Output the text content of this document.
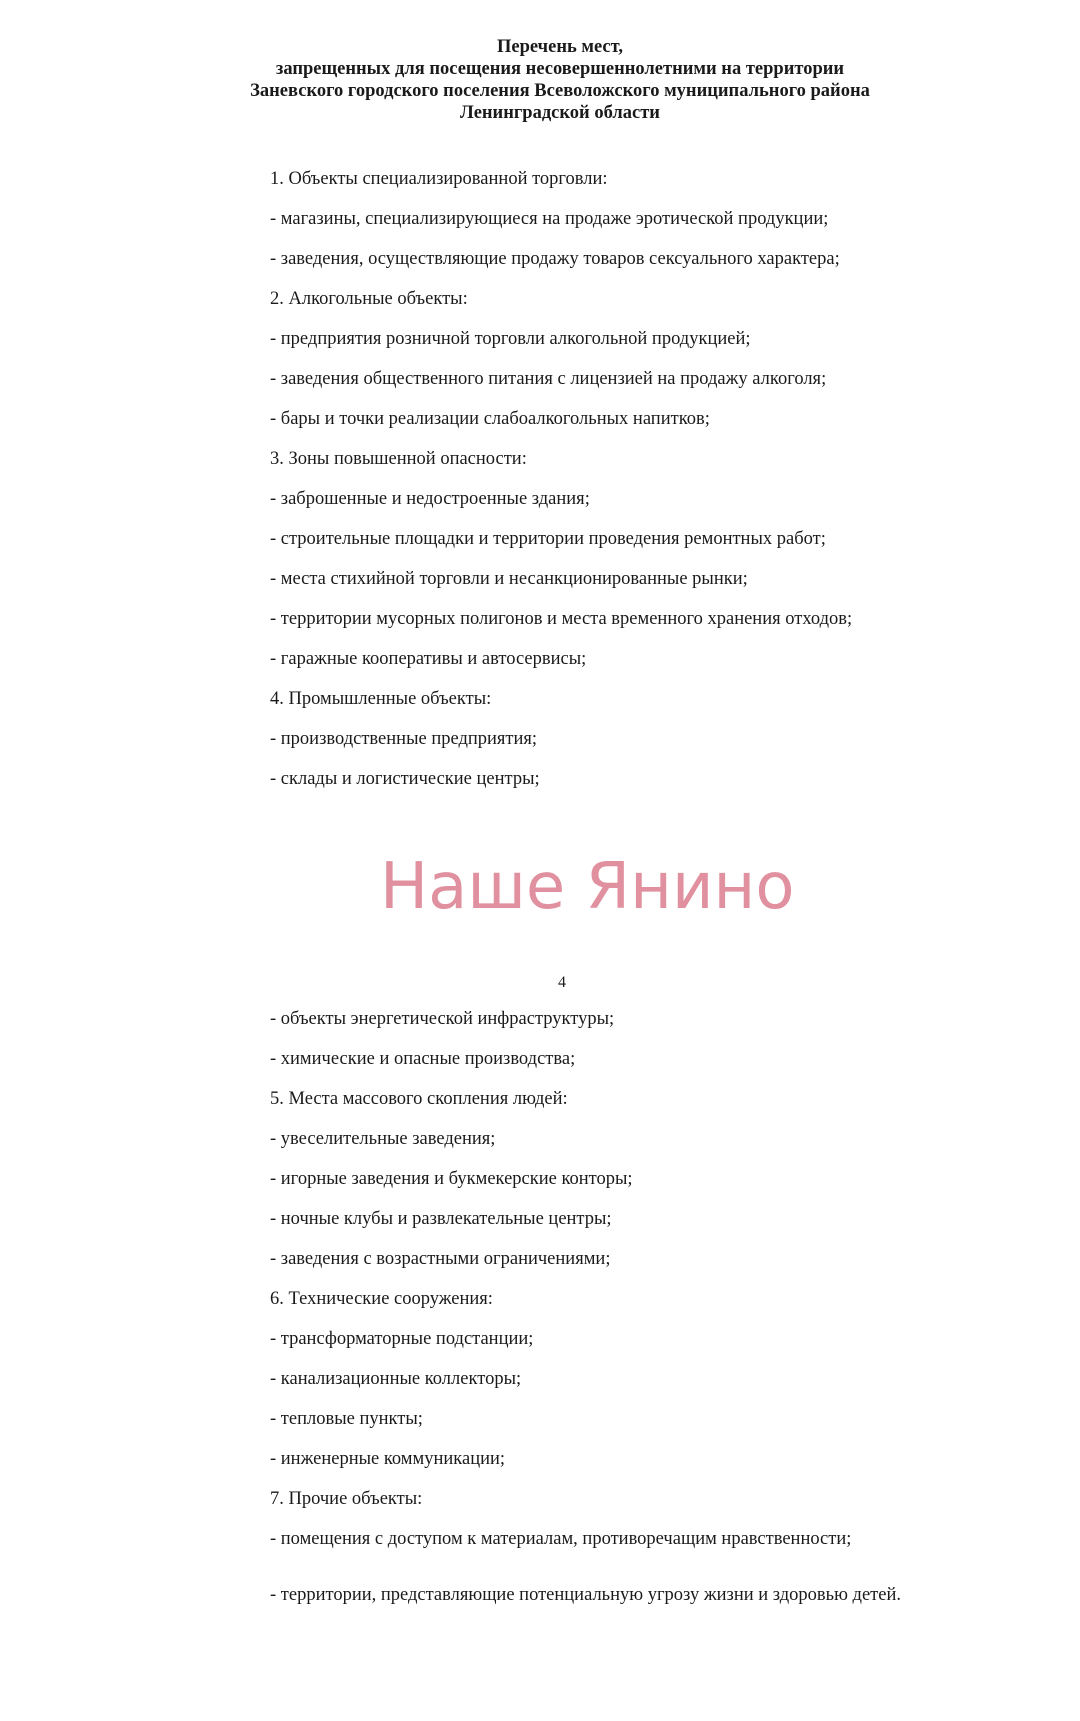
Перечень мест,
запрещенных для посещения несовершеннолетними на территории
Заневского городского поселения Всеволожского муниципального района
Ленинградской области
1. Объекты специализированной торговли:
- магазины, специализирующиеся на продаже эротической продукции;
- заведения, осуществляющие продажу товаров сексуального характера;
2. Алкогольные объекты:
- предприятия розничной торговли алкогольной продукцией;
- заведения общественного питания с лицензией на продажу алкоголя;
- бары и точки реализации слабоалкогольных напитков;
3. Зоны повышенной опасности:
- заброшенные и недостроенные здания;
- строительные площадки и территории проведения ремонтных работ;
- места стихийной торговли и несанкционированные рынки;
- территории мусорных полигонов и места временного хранения отходов;
- гаражные кооперативы и автосервисы;
4. Промышленные объекты:
- производственные предприятия;
- склады и логистические центры;
Наше Янино
4
- объекты энергетической инфраструктуры;
- химические и опасные производства;
5. Места массового скопления людей:
- увеселительные заведения;
- игорные заведения и букмекерские конторы;
- ночные клубы и развлекательные центры;
- заведения с возрастными ограничениями;
6. Технические сооружения:
- трансформаторные подстанции;
- канализационные коллекторы;
- тепловые пункты;
- инженерные коммуникации;
7. Прочие объекты:
- помещения с доступом к материалам, противоречащим нравственности;
- территории, представляющие потенциальную угрозу жизни и здоровью детей.
